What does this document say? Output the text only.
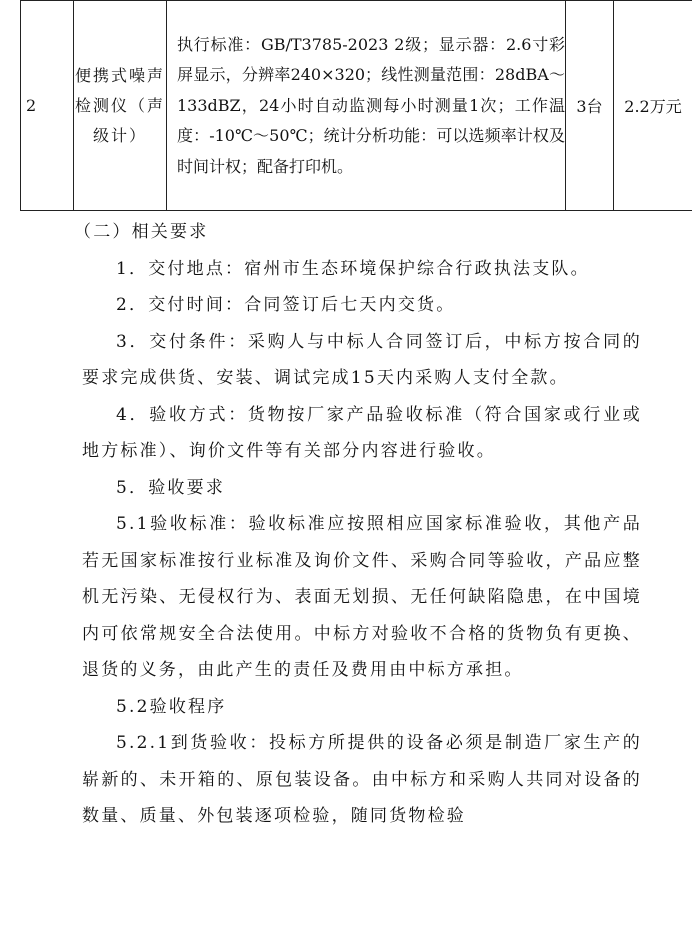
2	便携式噪声检测仪（声级计）	执行标准：GB/T3785-2023 2级；显示器：2.6寸彩屏显示，分辨率240×320；线性测量范围：28dBA～133dBZ，24小时自动监测每小时测量1次；工作温度：-10℃～50℃；统计分析功能：可以选频率计权及时间计权；配备打印机。	3台	2.2万元

（二）相关要求

1．交付地点：宿州市生态环境保护综合行政执法支队。

2．交付时间：合同签订后七天内交货。

3．交付条件：采购人与中标人合同签订后，中标方按合同的要求完成供货、安装、调试完成15天内采购人支付全款。

4．验收方式：货物按厂家产品验收标准（符合国家或行业或地方标准）、询价文件等有关部分内容进行验收。

5．验收要求

5.1验收标准：验收标准应按照相应国家标准验收，其他产品若无国家标准按行业标准及询价文件、采购合同等验收，产品应整机无污染、无侵权行为、表面无划损、无任何缺陷隐患，在中国境内可依常规安全合法使用。中标方对验收不合格的货物负有更换、退货的义务，由此产生的责任及费用由中标方承担。

5.2验收程序

5.2.1到货验收：投标方所提供的设备必须是制造厂家生产的崭新的、未开箱的、原包装设备。由中标方和采购人共同对设备的数量、质量、外包装逐项检验，随同货物检验
